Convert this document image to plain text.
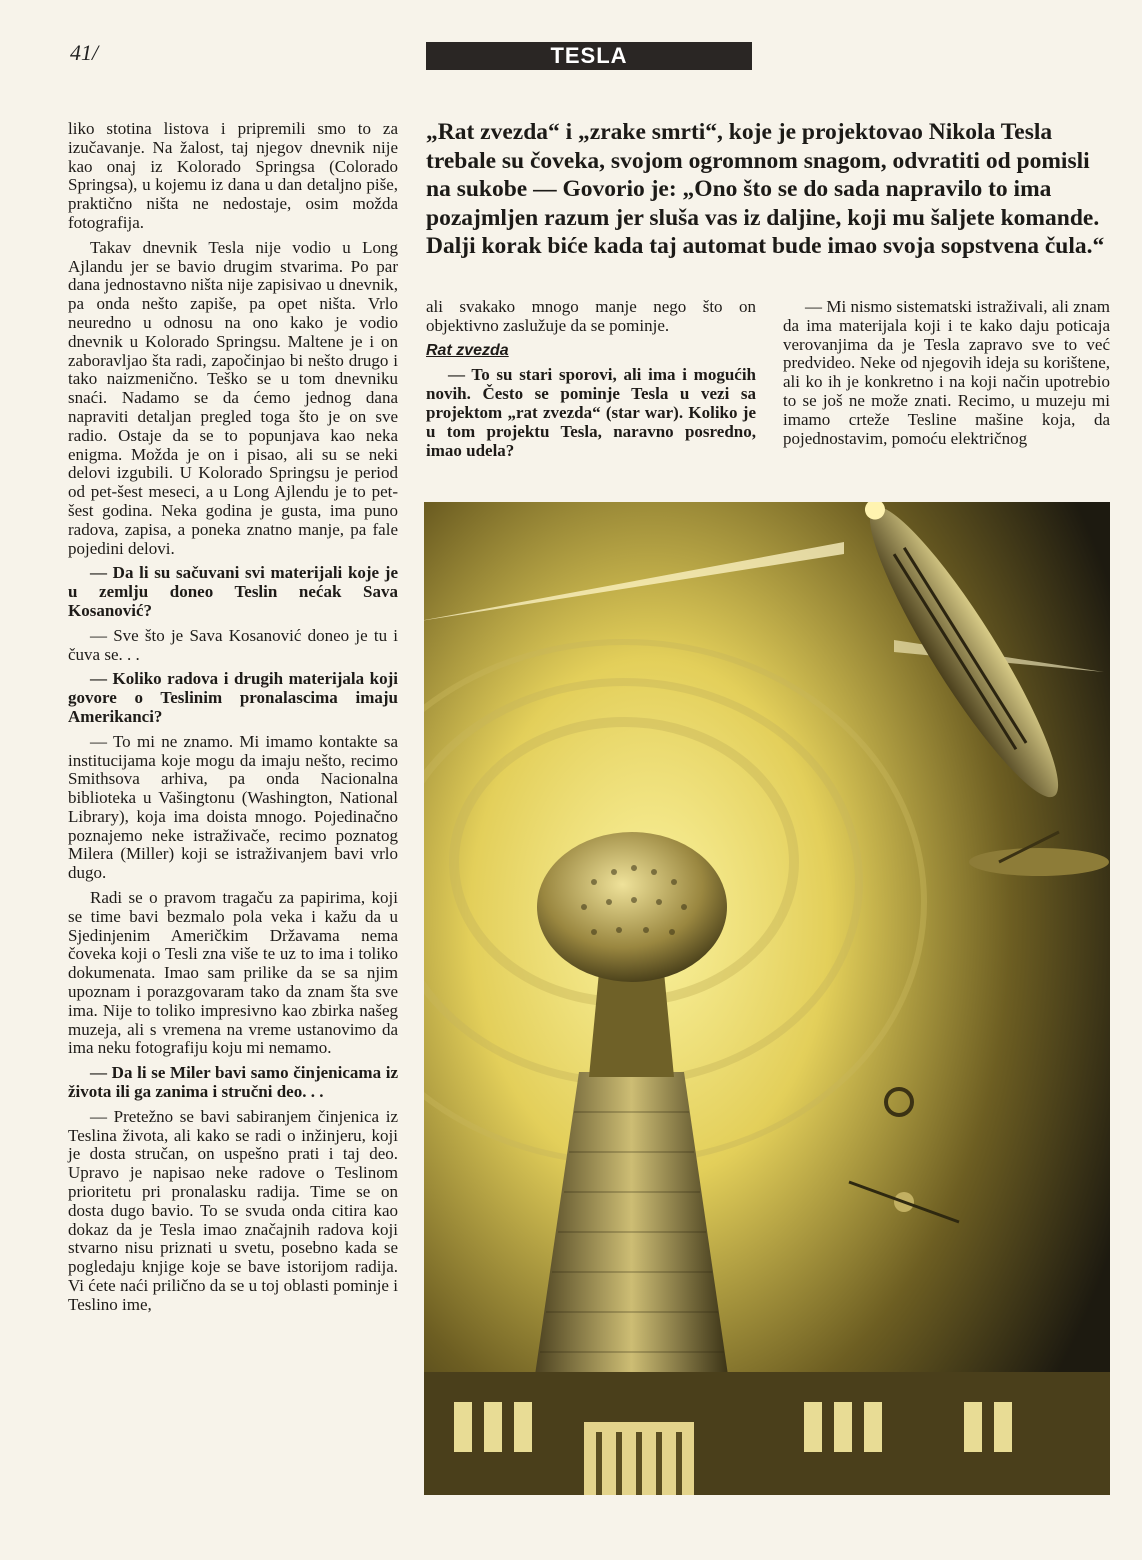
41/	TESLA
„Rat zvezda“ i „zrake smrti“, koje je projektovao Nikola Tesla trebale su čoveka, svojom ogromnom snagom, odvratiti od pomisli na sukobe — Govorio je: „Ono što se do sada napravilo to ima pozajmljen razum jer sluša vas iz daljine, koji mu šaljete komande. Dalji korak biće kada taj automat bude imao svoja sopstvena čula.“

liko stotina listova i pripremili smo to za izučavanje. Na žalost, taj njegov dnevnik nije kao onaj iz Kolorado Springsa (Colorado Springsa), u kojemu iz dana u dan detaljno piše, praktično ništa ne nedostaje, osim možda fotografija.

Takav dnevnik Tesla nije vodio u Long Ajlandu jer se bavio drugim stvarima. Po par dana jednostavno ništa nije zapisivao u dnevnik, pa onda nešto zapiše, pa opet ništa. Vrlo neuredno u odnosu na ono kako je vodio dnevnik u Kolorado Springsu. Maltene je i on zaboravljao šta radi, započinjao bi nešto drugo i tako naizmenično. Teško se u tom dnevniku snaći. Nadamo se da ćemo jednog dana napraviti detaljan pregled toga što je on sve radio. Ostaje da se to popunjava kao neka enigma. Možda je on i pisao, ali su se neki delovi izgubili. U Kolorado Springsu je period od pet-šest meseci, a u Long Ajlendu je to pet-šest godina. Neka godina je gusta, ima puno radova, zapisa, a poneka znatno manje, pa fale pojedini delovi.

— Da li su sačuvani svi materijali koje je u zemlju doneo Teslin nećak Sava Kosanović?

— Sve što je Sava Kosanović doneo je tu i čuva se. . .

— Koliko radova i drugih materijala koji govore o Teslinim pronalascima imaju Amerikanci?

— To mi ne znamo. Mi imamo kontakte sa institucijama koje mogu da imaju nešto, recimo Smithsova arhiva, pa onda Nacionalna biblioteka u Vašingtonu (Washington, National Library), koja ima doista mnogo. Pojedinačno poznajemo neke istraživače, recimo poznatog Milera (Miller) koji se istraživanjem bavi vrlo dugo.

Radi se o pravom tragaču za papirima, koji se time bavi bezmalo pola veka i kažu da u Sjedinjenim Američkim Državama nema čoveka koji o Tesli zna više te uz to ima i toliko dokumenata. Imao sam prilike da se sa njim upoznam i porazgovaram tako da znam šta sve ima. Nije to toliko impresivno kao zbirka našeg muzeja, ali s vremena na vreme ustanovimo da ima neku fotografiju koju mi nemamo.

— Da li se Miler bavi samo činjenicama iz života ili ga zanima i stručni deo. . .

— Pretežno se bavi sabiranjem činjenica iz Teslina života, ali kako se radi o inžinjeru, koji je dosta stručan, on uspešno prati i taj deo. Upravo je napisao neke radove o Teslinom prioritetu pri pronalasku radija. Time se on dosta dugo bavio. To se svuda onda citira kao dokaz da je Tesla imao značajnih radova koji stvarno nisu priznati u svetu, posebno kada se pogledaju knjige koje se bave istorijom radija. Vi ćete naći prilično da se u toj oblasti pominje i Teslino ime,

ali svakako mnogo manje nego što on objektivno zaslužuje da se pominje.

Rat zvezda

— To su stari sporovi, ali ima i mogućih novih. Često se pominje Tesla u vezi sa projektom „rat zvezda“ (star war). Koliko je u tom projektu Tesla, naravno posredno, imao udela?

— Mi nismo sistematski istraživali, ali znam da ima materijala koji i te kako daju poticaja verovanjima da je Tesla zapravo sve to već predvideo. Neke od njegovih ideja su korištene, ali ko ih je konkretno i na koji način upotrebio to se još ne može znati. Recimo, u muzeju mi imamo crteže Tesline mašine koja, da pojednostavim, pomoću električnog
